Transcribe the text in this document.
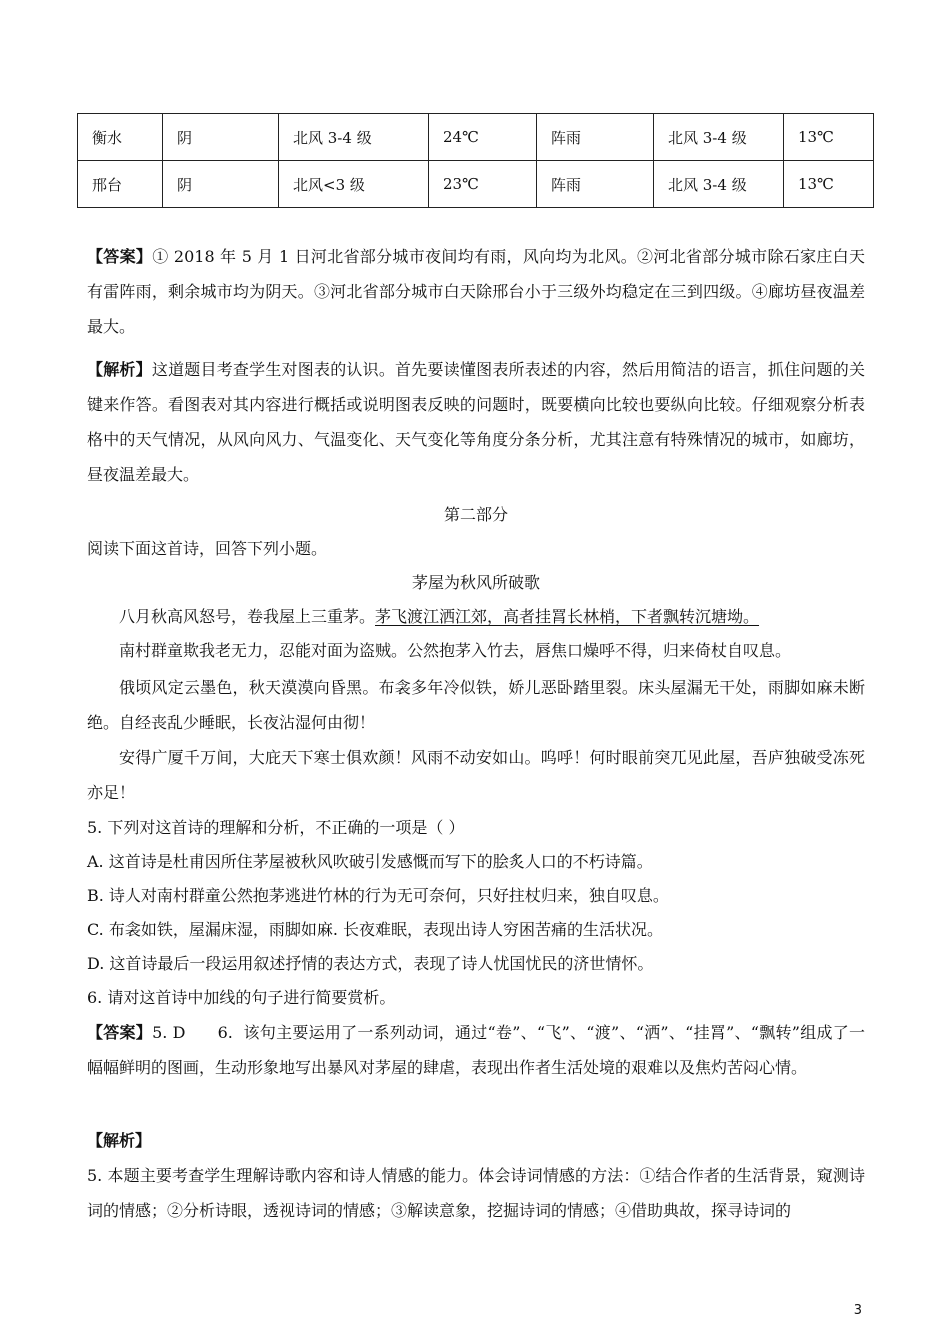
衡水	阴	北风 3-4 级	24℃	阵雨	北风 3-4 级	13℃
邢台	阴	北风<3 级	23℃	阵雨	北风 3-4 级	13℃
【答案】① 2018 年 5 月 1 日河北省部分城市夜间均有雨，风向均为北风。②河北省部分城市除石家庄白天有雷阵雨，剩余城市均为阴天。③河北省部分城市白天除邢台小于三级外均稳定在三到四级。④廊坊昼夜温差最大。
【解析】这道题目考查学生对图表的认识。首先要读懂图表所表述的内容，然后用简洁的语言，抓住问题的关键来作答。看图表对其内容进行概括或说明图表反映的问题时，既要横向比较也要纵向比较。仔细观察分析表格中的天气情况，从风向风力、气温变化、天气变化等角度分条分析，尤其注意有特殊情况的城市，如廊坊，昼夜温差最大。
第二部分
阅读下面这首诗，回答下列小题。
茅屋为秋风所破歌
八月秋高风怒号，卷我屋上三重茅。茅飞渡江洒江郊，高者挂罥长林梢，下者飘转沉塘坳。
南村群童欺我老无力，忍能对面为盗贼。公然抱茅入竹去，唇焦口燥呼不得，归来倚杖自叹息。
俄顷风定云墨色，秋天漠漠向昏黑。布衾多年冷似铁，娇儿恶卧踏里裂。床头屋漏无干处，雨脚如麻未断绝。自经丧乱少睡眠，长夜沾湿何由彻！
安得广厦千万间，大庇天下寒士俱欢颜！风雨不动安如山。呜呼！何时眼前突兀见此屋，吾庐独破受冻死亦足！
5. 下列对这首诗的理解和分析，不正确的一项是（ ）
A. 这首诗是杜甫因所住茅屋被秋风吹破引发感慨而写下的脍炙人口的不朽诗篇。
B. 诗人对南村群童公然抱茅逃进竹林的行为无可奈何，只好拄杖归来，独自叹息。
C. 布衾如铁，屋漏床湿，雨脚如麻. 长夜难眠，表现出诗人穷困苦痛的生活状况。
D. 这首诗最后一段运用叙述抒情的表达方式，表现了诗人忧国忧民的济世情怀。
6. 请对这首诗中加线的句子进行简要赏析。
【答案】5. D      6.  该句主要运用了一系列动词，通过“卷”、“飞”、“渡”、“洒”、“挂罥”、“飘转”组成了一幅幅鲜明的图画，生动形象地写出暴风对茅屋的肆虐，表现出作者生活处境的艰难以及焦灼苦闷心情。
【解析】
5. 本题主要考查学生理解诗歌内容和诗人情感的能力。体会诗词情感的方法：①结合作者的生活背景，窥测诗词的情感；②分析诗眼，透视诗词的情感；③解读意象，挖掘诗词的情感；④借助典故，探寻诗词的
3
